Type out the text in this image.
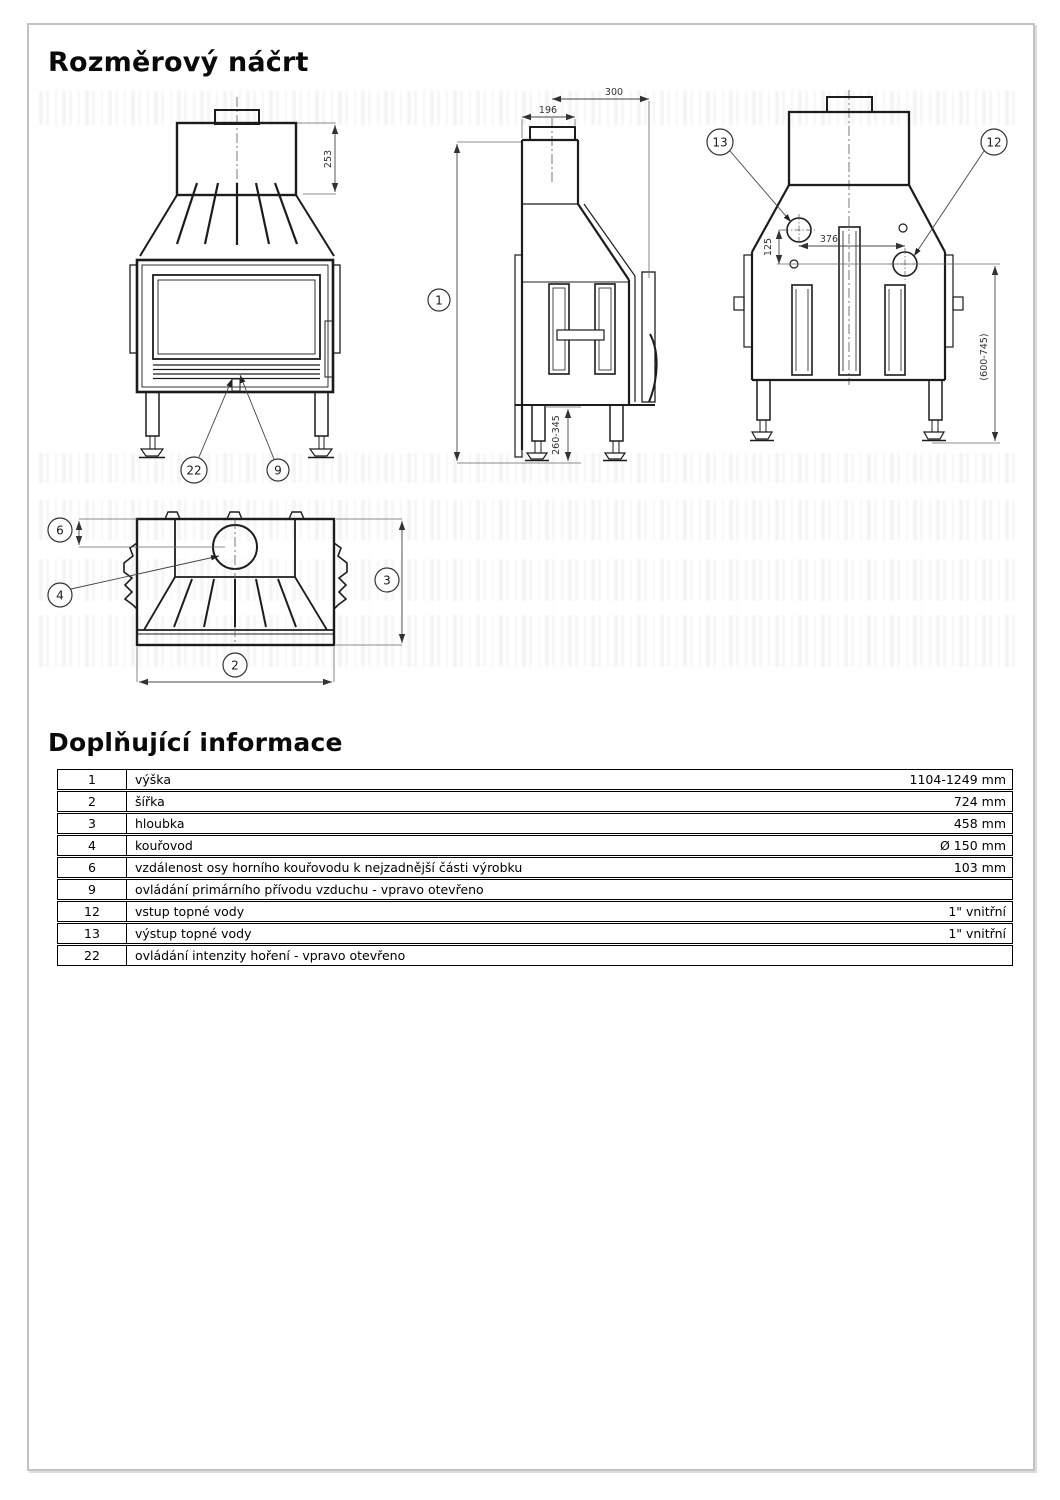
Rozměrový náčrt
253
22	9
300
196
1
260-345
376
125
(600-745)
13	12
6
4
3
2
Doplňující informace
1	výška	1104-1249 mm
2	šířka	724 mm
3	hloubka	458 mm
4	kouřovod	Ø 150 mm
6	vzdálenost osy horního kouřovodu k nejzadnější části výrobku	103 mm
9	ovládání primárního přívodu vzduchu - vpravo otevřeno
12	vstup topné vody	1" vnitřní
13	výstup topné vody	1" vnitřní
22	ovládání intenzity hoření - vpravo otevřeno
